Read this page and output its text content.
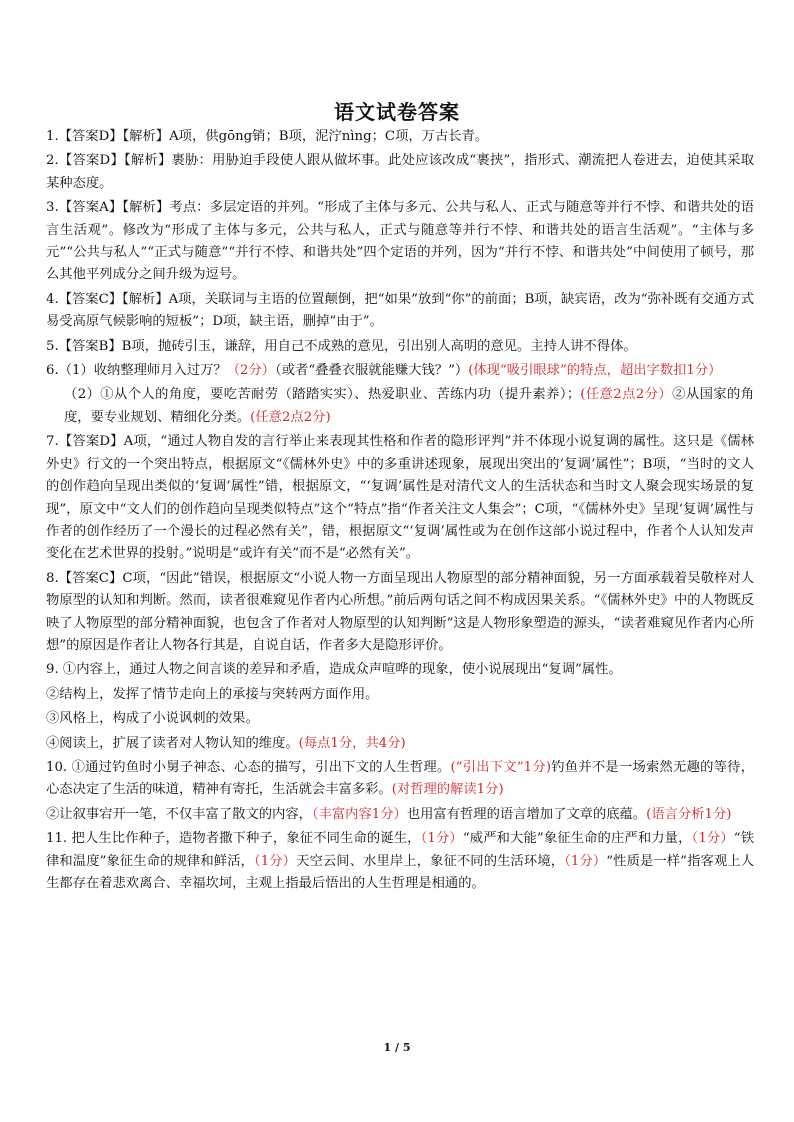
语文试卷答案

1.【答案D】【解析】A项，供gōng销；B项，泥泞nìng；C项，万古长青。

2.【答案D】【解析】裹胁：用胁迫手段使人跟从做坏事。此处应该改成“裹挟”，指形式、潮流把人卷进去，迫使其采取某种态度。

3.【答案A】【解析】考点：多层定语的并列。“形成了主体与多元、公共与私人、正式与随意等并行不悖、和谐共处的语言生活观”。修改为“形成了主体与多元，公共与私人，正式与随意等并行不悖、和谐共处的语言生活观”。“主体与多元”“公共与私人”“正式与随意”“并行不悖、和谐共处”四个定语的并列，因为“并行不悖、和谐共处”中间使用了顿号，那么其他平列成分之间升级为逗号。

4.【答案C】【解析】A项，关联词与主语的位置颠倒，把“如果”放到“你”的前面；B项，缺宾语，改为“弥补既有交通方式易受高原气候影响的短板”；D项，缺主语，删掉“由于”。

5.【答案B】B项，抛砖引玉，谦辞，用自己不成熟的意见，引出别人高明的意见。主持人讲不得体。

6.（1）收纳整理师月入过万？（2分）（或者“叠叠衣服就能赚大钱？”）(体现“吸引眼球”的特点，超出字数扣1分）

（2）①从个人的角度，要吃苦耐劳（踏踏实实）、热爱职业、苦练内功（提升素养）；(任意2点2分）②从国家的角度，要专业规划、精细化分类。(任意2点2分)

7.【答案D】A项，“通过人物自发的言行举止来表现其性格和作者的隐形评判”并不体现小说复调的属性。这只是《儒林外史》行文的一个突出特点，根据原文“《儒林外史》中的多重讲述现象，展现出突出的‘复调’属性”；B项，“当时的文人的创作趋向呈现出类似的‘复调’属性”错，根据原文，“‘复调’属性是对清代文人的生活状态和当时文人聚会现实场景的复现”，原文中“文人们的创作趋向呈现类似特点”这个“特点”指“作者关注文人集会”；C项，“《儒林外史》呈现‘复调’属性与作者的创作经历了一个漫长的过程必然有关”，错，根据原文“‘复调’属性或为在创作这部小说过程中，作者个人认知发声变化在艺术世界的投射。”说明是“或许有关”而不是“必然有关”。

8.【答案C】C项，“因此”错误，根据原文“小说人物一方面呈现出人物原型的部分精神面貌，另一方面承载着吴敬梓对人物原型的认知和判断。然而，读者很难窥见作者内心所想。”前后两句话之间不构成因果关系。“《儒林外史》中的人物既反映了人物原型的部分精神面貌，也包含了作者对人物原型的认知判断”这是人物形象塑造的源头，“读者难窥见作者内心所想”的原因是作者让人物各行其是，自说自话，作者多大是隐形评价。

9. ①内容上，通过人物之间言谈的差异和矛盾，造成众声喧哗的现象，使小说展现出“复调”属性。

②结构上，发挥了情节走向上的承接与突转两方面作用。

③风格上，构成了小说讽刺的效果。

④阅读上，扩展了读者对人物认知的维度。(每点1分，共4分)

10. ①通过钓鱼时小舅子神态、心态的描写，引出下文的人生哲理。(“引出下文”1分)钓鱼并不是一场索然无趣的等待，心态决定了生活的味道，精神有寄托，生活就会丰富多彩。(对哲理的解读1分)

②让叙事宕开一笔，不仅丰富了散文的内容，（丰富内容1分）也用富有哲理的语言增加了文章的底蕴。(语言分析1分)

11. 把人生比作种子，造物者撒下种子，象征不同生命的诞生，（1分）“威严和大能”象征生命的庄严和力量，（1分）“铁律和温度”象征生命的规律和鲜活，（1分）天空云间、水里岸上，象征不同的生活环境，（1分）“性质是一样”指客观上人生都存在着悲欢离合、幸福坎坷，主观上指最后悟出的人生哲理是相通的。

1 / 5
